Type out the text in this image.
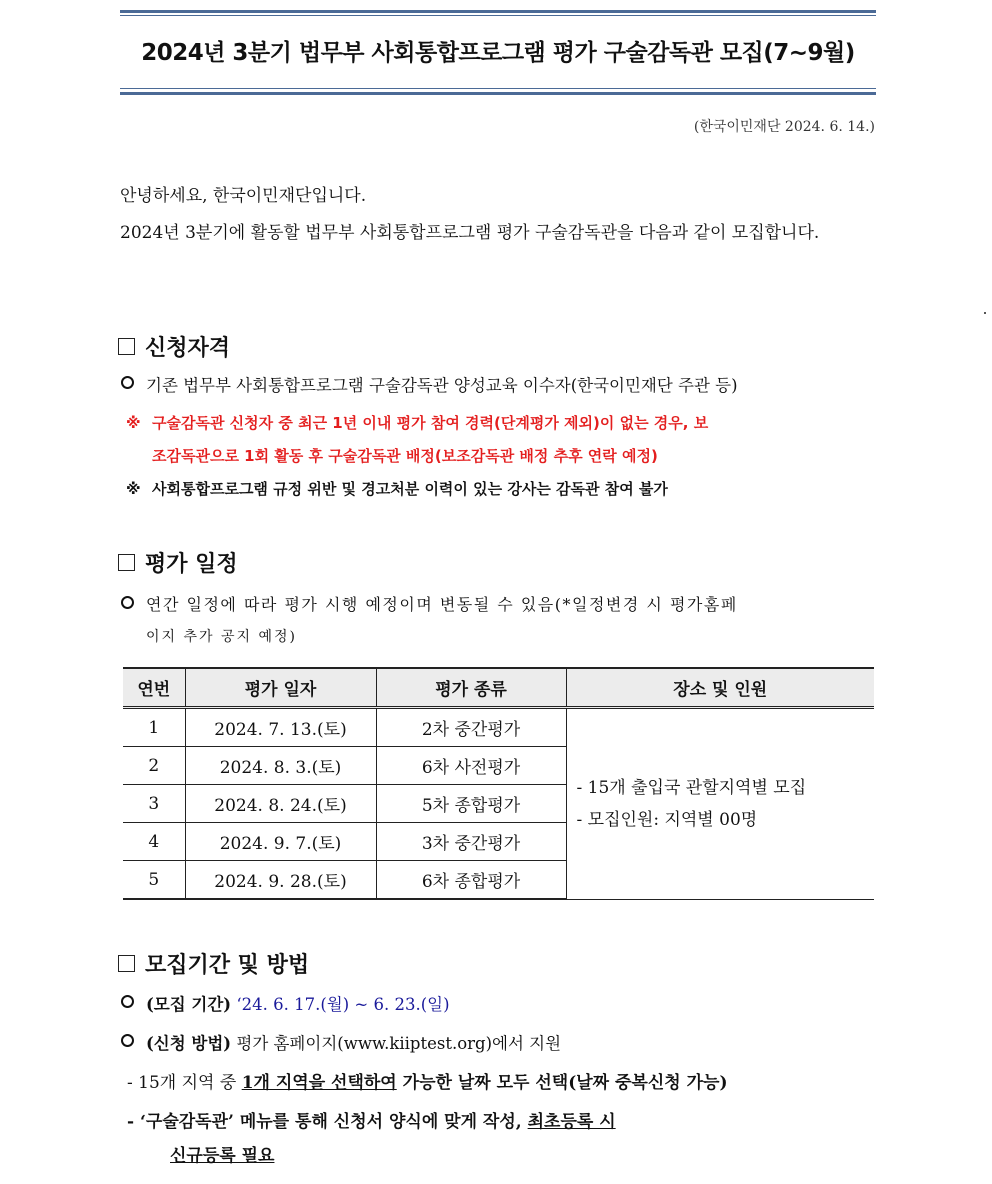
2024년 3분기 법무부 사회통합프로그램 평가 구술감독관 모집(7~9월)
(한국이민재단 2024. 6. 14.)
안녕하세요, 한국이민재단입니다.
2024년 3분기에 활동할 법무부 사회통합프로그램 평가 구술감독관을 다음과 같이 모집합니다.
신청자격
기존 법무부 사회통합프로그램 구술감독관 양성교육 이수자(한국이민재단 주관 등)
※ 구술감독관 신청자 중 최근 1년 이내 평가 참여 경력(단계평가 제외)이 없는 경우, 보
조감독관으로 1회 활동 후 구술감독관 배정(보조감독관 배정 추후 연락 예정)
※ 사회통합프로그램 규정 위반 및 경고처분 이력이 있는 강사는 감독관 참여 불가
평가 일정
연간 일정에 따라 평가 시행 예정이며 변동될 수 있음(*일정변경 시 평가홈페
이지 추가 공지 예정)
연번	평가 일자	평가 종류	장소 및 인원
1	2024. 7. 13.(토)	2차 중간평가	- 15개 출입국 관할지역별 모집
- 모집인원: 지역별 00명

2	2024. 8. 3.(토)	6차 사전평가	
3	2024. 8. 24.(토)	5차 종합평가	
4	2024. 9. 7.(토)	3차 중간평가	
5	2024. 9. 28.(토)	6차 종합평가	
모집기간 및 방법
(모집 기간)
‘24. 6. 17.(월) ~ 6. 23.(일)
(신청 방법)
평가 홈페이지(www.kiiptest.org)에서 지원
- 15개 지역 중 1개 지역을 선택하여 가능한 날짜 모두 선택(날짜 중복신청 가능)
- ‘구술감독관’ 메뉴를 통해 신청서 양식에 맞게 작성, 최초등록 시
신규등록 필요
